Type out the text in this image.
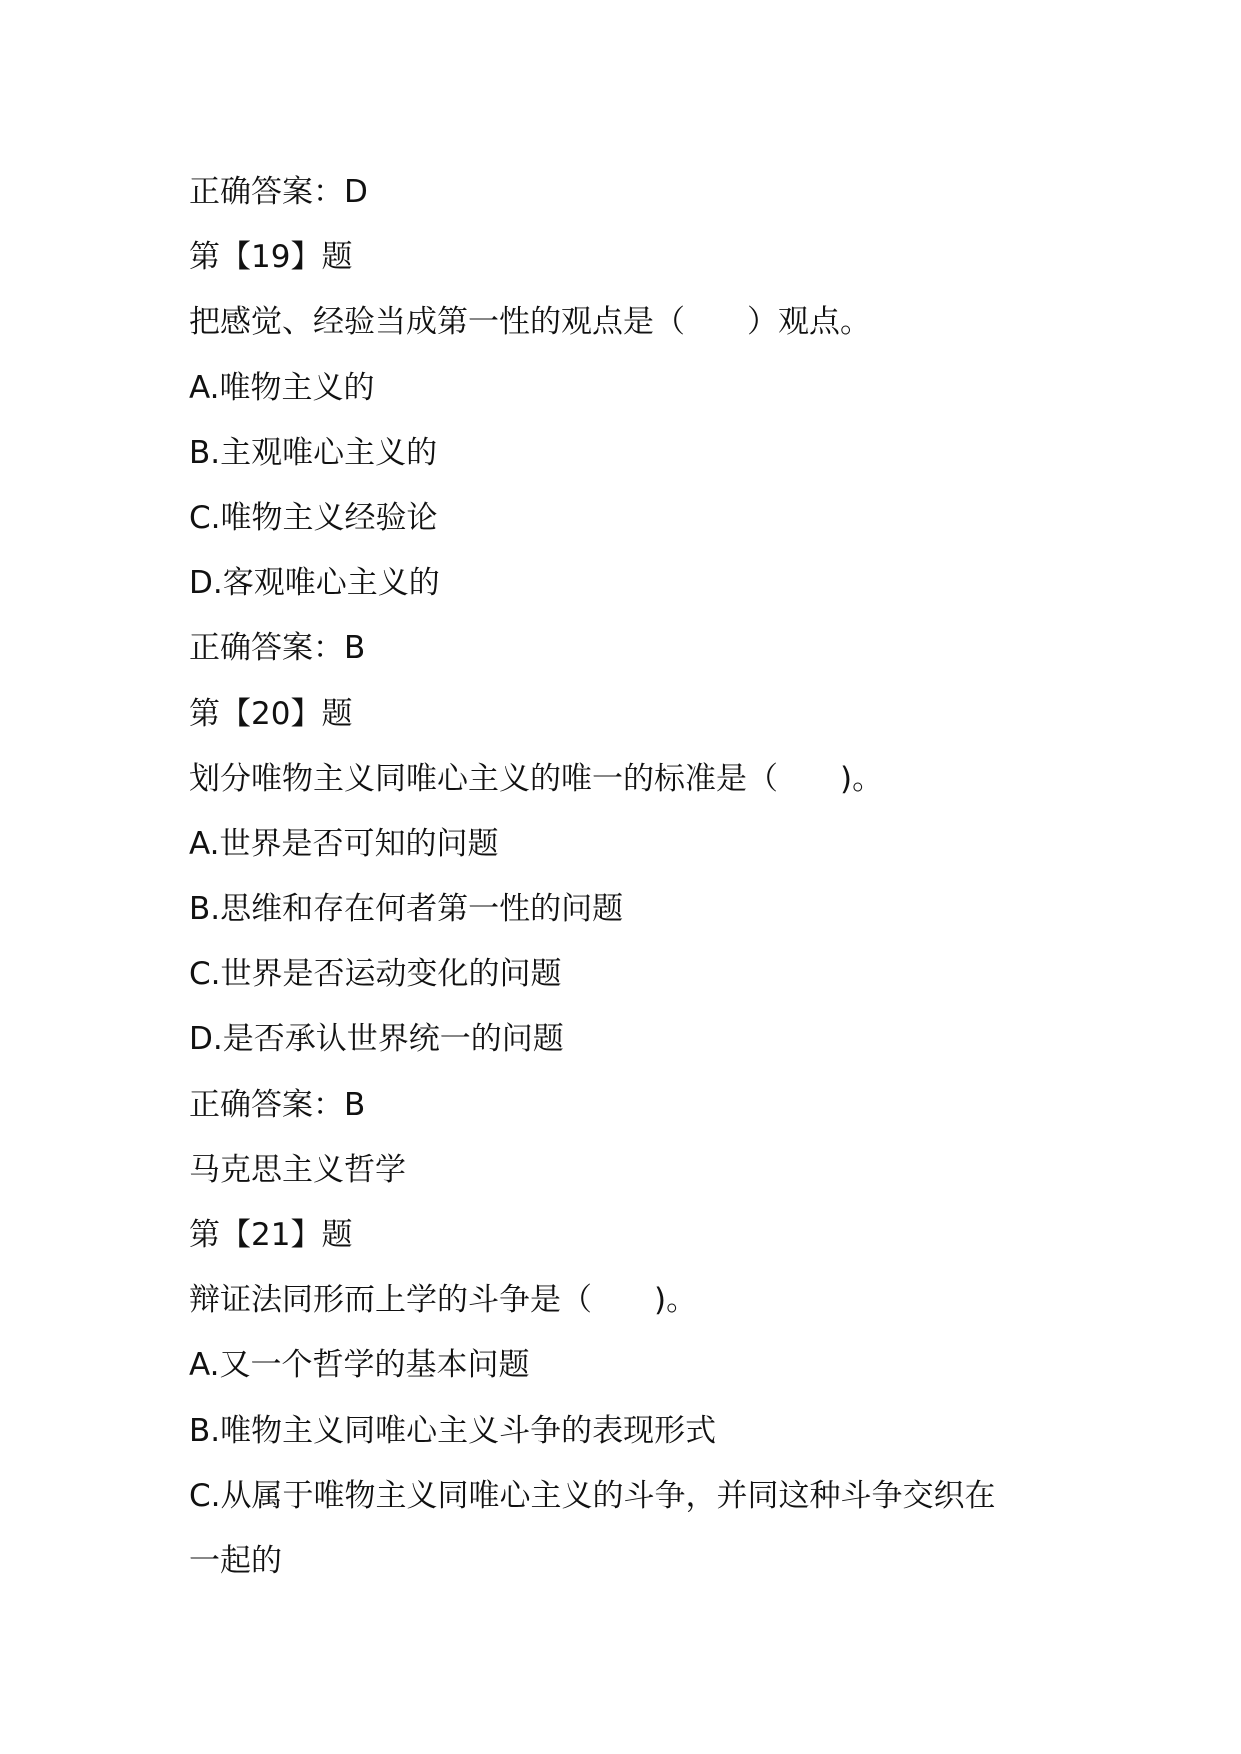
正确答案：D

第【19】题

把感觉、经验当成第一性的观点是（　　）观点。

A.唯物主义的

B.主观唯心主义的

C.唯物主义经验论

D.客观唯心主义的

正确答案：B

第【20】题

划分唯物主义同唯心主义的唯一的标准是（　　)。

A.世界是否可知的问题

B.思维和存在何者第一性的问题

C.世界是否运动变化的问题

D.是否承认世界统一的问题

正确答案：B

马克思主义哲学

第【21】题

辩证法同形而上学的斗争是（　　)。

A.又一个哲学的基本问题

B.唯物主义同唯心主义斗争的表现形式

C.从属于唯物主义同唯心主义的斗争，并同这种斗争交织在

一起的
